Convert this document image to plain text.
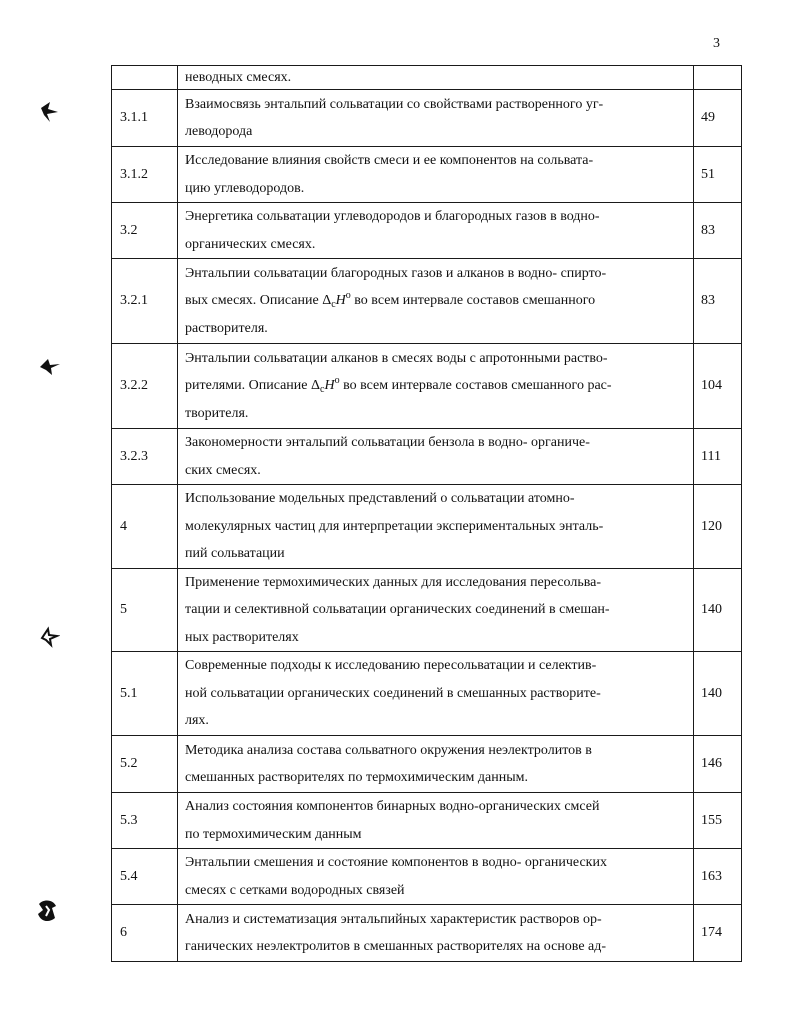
3

	неводных смесях.	

3.1.1	Взаимосвязь энтальпий сольватации со свойствами растворенного уг-
леводорода	49
3.1.2	Исследование влияния свойств смеси и ее компонентов на сольвата-
цию углеводородов.	51
3.2	Энергетика сольватации углеводородов и благородных газов в водно-
органических смесях.	83
3.2.1	Энтальпии сольватации благородных газов и алканов в водно- спирто-
вых смесях. Описание $\Delta_cH^o$ во всем интервале составов смешанного
растворителя.	83
3.2.2	Энтальпии сольватации алканов в смесях воды с апротонными раство-
рителями. Описание $\Delta_cH^o$ во всем интервале составов смешанного рас-
творителя.	104
3.2.3	Закономерности энтальпий сольватации бензола в водно- органиче-
ских смесях.	111
4	Использование модельных представлений о сольватации атомно-
молекулярных частиц для интерпретации экспериментальных энталь-
пий сольватации	120
5	Применение термохимических данных для исследования пересольва-
тации и селективной сольватации органических соединений в смешан-
ных растворителях	140
5.1	Современные подходы к исследованию пересольватации и селектив-
ной сольватации органических соединений в смешанных растворите-
лях.	140
5.2	Методика анализа состава сольватного окружения неэлектролитов в
смешанных растворителях по термохимическим данным.	146
5.3	Анализ состояния компонентов бинарных водно-органических смсей
по термохимическим данным	155
5.4	Энтальпии смешения и состояние компонентов в водно- органических
смесях с сетками водородных связей	163
6	Анализ и систематизация энтальпийных характеристик растворов ор-
ганических неэлектролитов в смешанных растворителях на основе ад-	174
